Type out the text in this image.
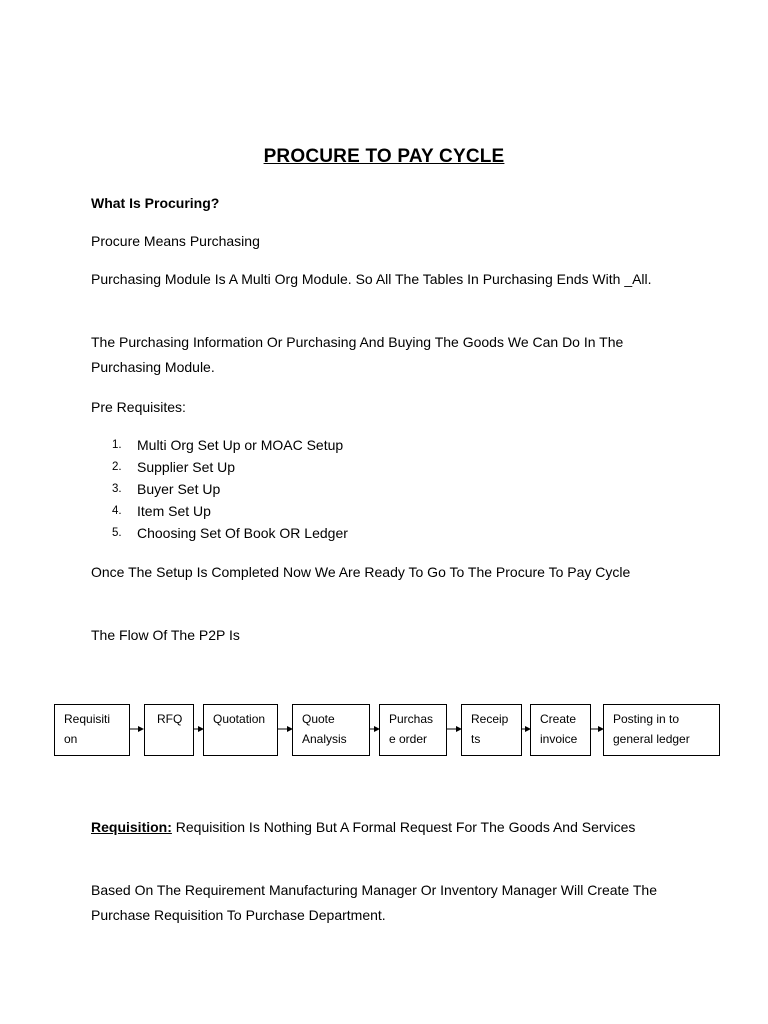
PROCURE TO PAY CYCLE
What Is Procuring?
Procure Means Purchasing
Purchasing Module Is A Multi Org Module. So All The Tables In Purchasing Ends With _All.
The Purchasing Information Or Purchasing And Buying The Goods We Can Do In The Purchasing Module.
Pre Requisites:
1.	Multi Org Set Up or MOAC Setup
2.	Supplier Set Up
3.	Buyer Set Up
4.	Item Set Up
5.	Choosing Set Of Book OR Ledger
Once The Setup Is Completed Now We Are Ready To Go To The Procure To Pay Cycle
The Flow Of The P2P Is
Requisiti
on
RFQ	Quotation	Quote
Analysis
Purchas
e order
Receip
ts
Create
invoice
Posting in to
general ledger
Requisition: Requisition Is Nothing But A Formal Request For The Goods And Services
Based On The Requirement Manufacturing Manager Or Inventory Manager Will Create The Purchase Requisition To Purchase Department.
